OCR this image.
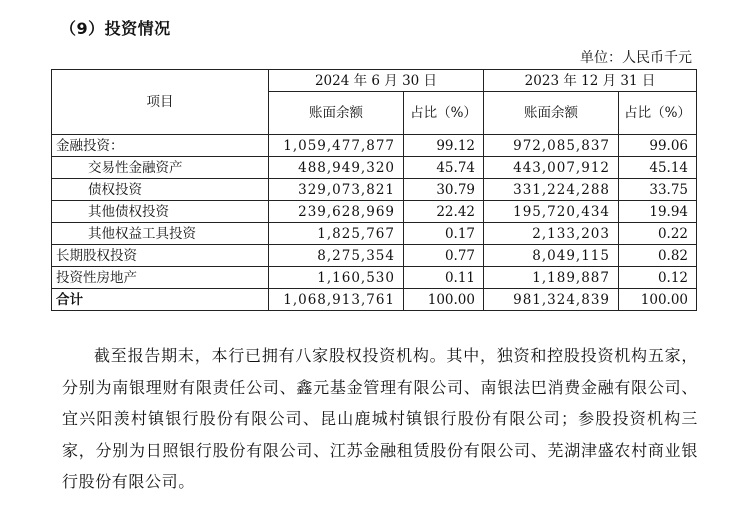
（9）投资情况
单位：人民币千元
项目	2024 年 6 月 30 日		2023 年 12 月 31 日	
	账面余额	占比（%）	账面余额	占比（%）
金融投资：	1,059,477,877	99.12	972,085,837	99.06
交易性金融资产	488,949,320	45.74	443,007,912	45.14
债权投资	329,073,821	30.79	331,224,288	33.75
其他债权投资	239,628,969	22.42	195,720,434	19.94
其他权益工具投资	1,825,767	0.17	2,133,203	0.22
长期股权投资	8,275,354	0.77	8,049,115	0.82
投资性房地产	1,160,530	0.11	1,189,887	0.12
合计	1,068,913,761	100.00	981,324,839	100.00
截至报告期末，本行已拥有八家股权投资机构。其中，独资和控股投资机构五家，分别为南银理财有限责任公司、鑫元基金管理有限公司、南银法巴消费金融有限公司、宜兴阳羡村镇银行股份有限公司、昆山鹿城村镇银行股份有限公司；参股投资机构三家，分别为日照银行股份有限公司、江苏金融租赁股份有限公司、芜湖津盛农村商业银行股份有限公司。
